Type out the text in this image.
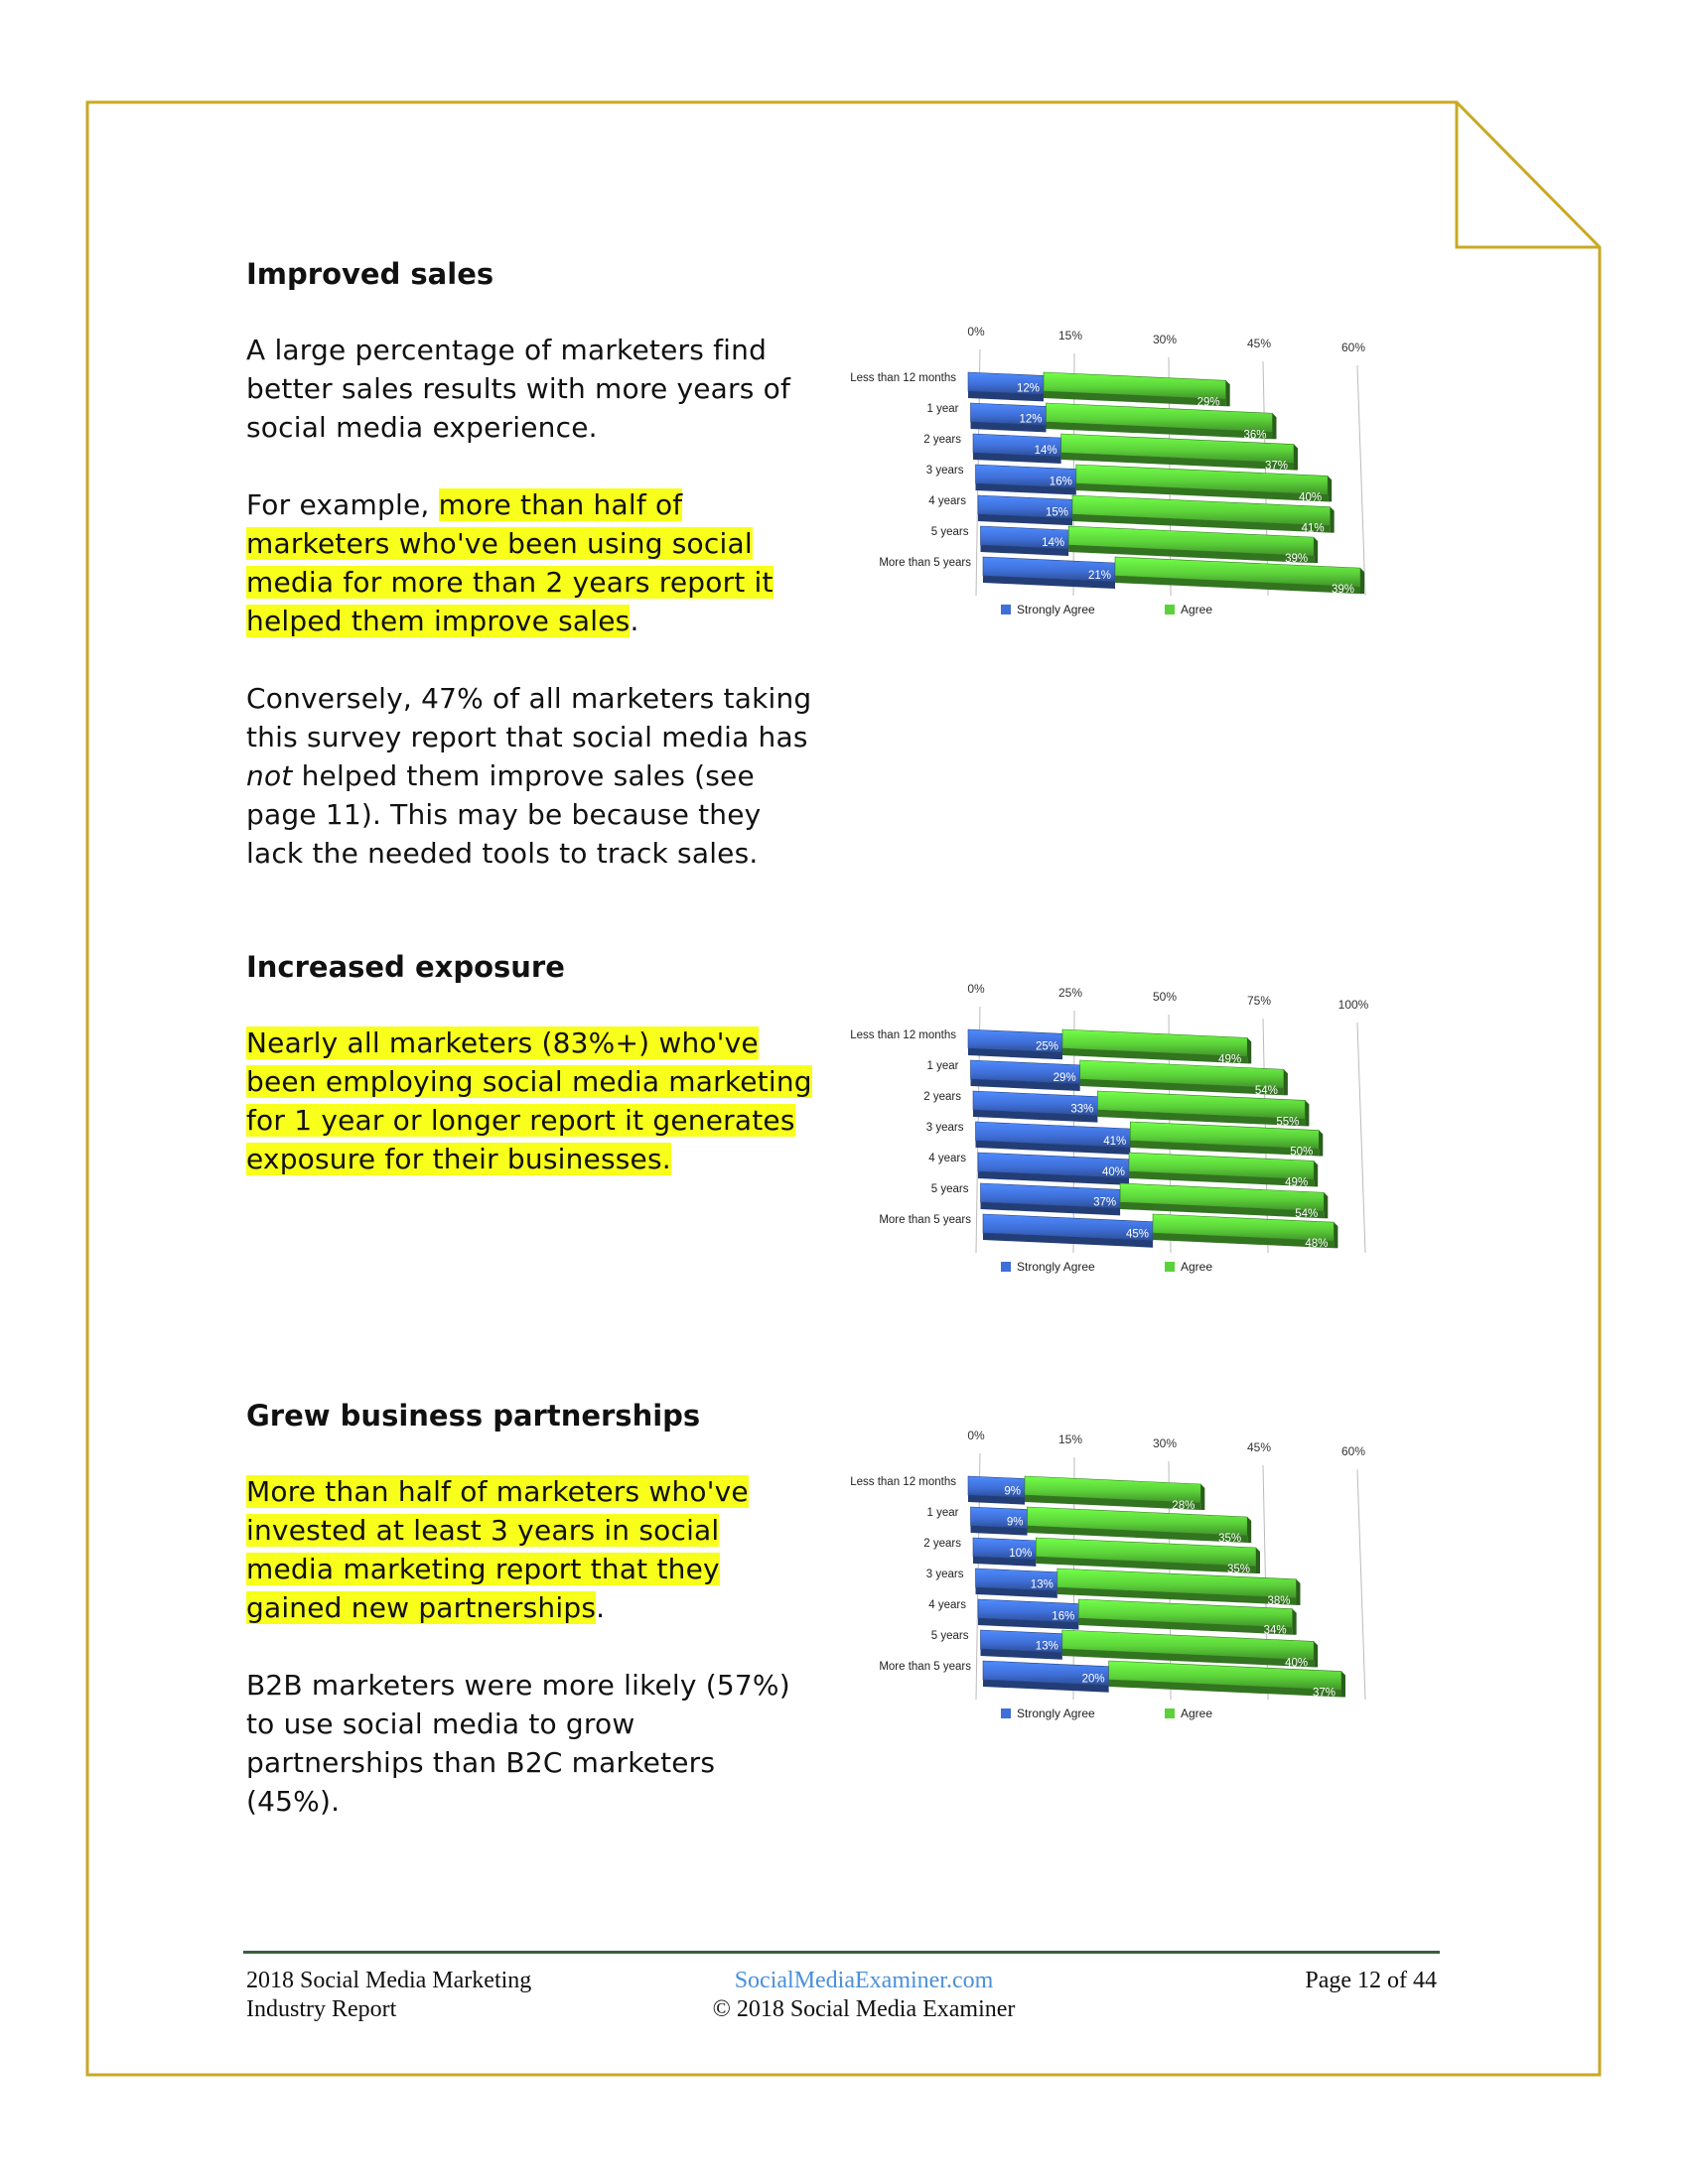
Improved sales

A large percentage of marketers find better sales results with more years of social media experience.

For example, more than half of marketers who've been using social media for more than 2 years report it helped them improve sales.

Conversely, 47% of all marketers taking this survey report that social media has not helped them improve sales (see page 11). This may be because they lack the needed tools to track sales.

Increased exposure

Nearly all marketers (83%+) who've been employing social media marketing for 1 year or longer report it generates exposure for their businesses.

Grew business partnerships

More than half of marketers who've invested at least 3 years in social media marketing report that they gained new partnerships.

B2B marketers were more likely (57%) to use social media to grow partnerships than B2C marketers (45%).

0%	15%	30%	45%	60%
Less than 12 months
12%
29%
1 year
12%
36%
2 years
14%
37%
3 years
16%
40%
4 years
15%
41%
5 years
14%
39%
More than 5 years
21%
39%
Strongly Agree	Agree
0%	25%	50%	75%	100%
Less than 12 months
25%
49%
1 year
29%
54%
2 years
33%
55%
3 years
41%
50%
4 years
40%
49%
5 years
37%
54%
More than 5 years
45%
48%
Strongly Agree	Agree
0%	15%	30%	45%	60%
Less than 12 months
9%
28%
1 year
9%
35%
2 years
10%
35%
3 years
13%
38%
4 years
16%
34%
5 years
13%
40%
More than 5 years
20%
37%
Strongly Agree	Agree
2018 Social Media Marketing
Industry Report
SocialMediaExaminer.com
© 2018 Social Media Examiner
Page 12 of 44
